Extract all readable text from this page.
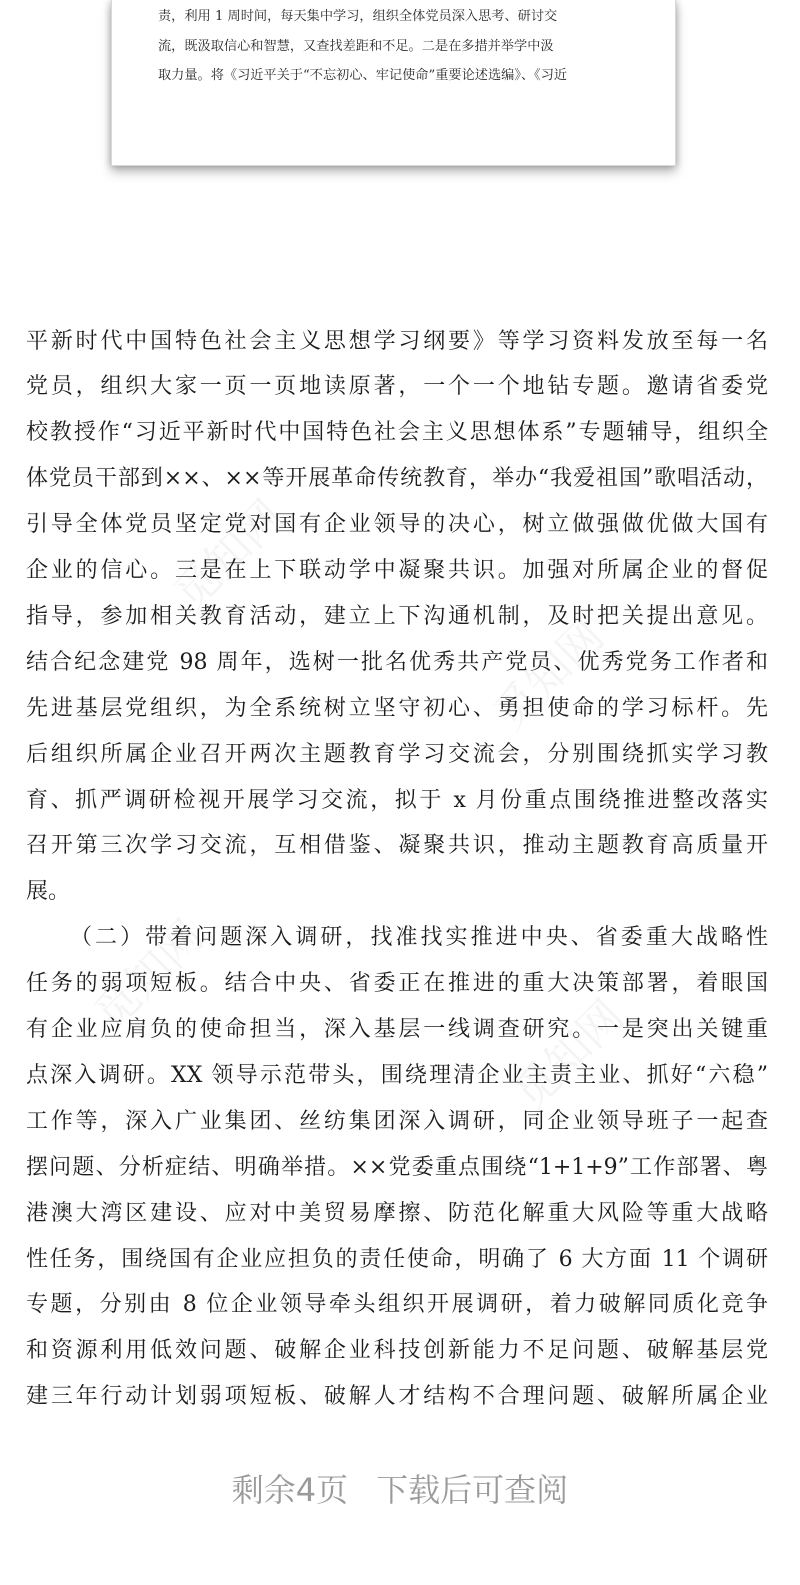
觅知网
觅知网
觅知网
觅知网
责，利用 1 周时间，每天集中学习，组织全体党员深入思考、研讨交
流，既汲取信心和智慧，又查找差距和不足。二是在多措并举学中汲
取力量。将《习近平关于“不忘初心、牢记使命”重要论述选编》、《习近
平新时代中国特色社会主义思想学习纲要》等学习资料发放至每一名
党员，组织大家一页一页地读原著，一个一个地钻专题。邀请省委党
校教授作“习近平新时代中国特色社会主义思想体系”专题辅导，组织全
体党员干部到××、××等开展革命传统教育，举办“我爱祖国”歌唱活动，
引导全体党员坚定党对国有企业领导的决心，树立做强做优做大国有
企业的信心。三是在上下联动学中凝聚共识。加强对所属企业的督促
指导，参加相关教育活动，建立上下沟通机制，及时把关提出意见。
结合纪念建党 98 周年，选树一批名优秀共产党员、优秀党务工作者和
先进基层党组织，为全系统树立坚守初心、勇担使命的学习标杆。先
后组织所属企业召开两次主题教育学习交流会，分别围绕抓实学习教
育、抓严调研检视开展学习交流，拟于 x 月份重点围绕推进整改落实
召开第三次学习交流，互相借鉴、凝聚共识，推动主题教育高质量开
展。
（二）带着问题深入调研，找准找实推进中央、省委重大战略性
任务的弱项短板。结合中央、省委正在推进的重大决策部署，着眼国
有企业应肩负的使命担当，深入基层一线调查研究。一是突出关键重
点深入调研。XX 领导示范带头，围绕理清企业主责主业、抓好“六稳”
工作等，深入广业集团、丝纺集团深入调研，同企业领导班子一起查
摆问题、分析症结、明确举措。××党委重点围绕“1+1+9”工作部署、粤
港澳大湾区建设、应对中美贸易摩擦、防范化解重大风险等重大战略
性任务，围绕国有企业应担负的责任使命，明确了 6 大方面 11 个调研
专题，分别由 8 位企业领导牵头组织开展调研，着力破解同质化竞争
和资源利用低效问题、破解企业科技创新能力不足问题、破解基层党
建三年行动计划弱项短板、破解人才结构不合理问题、破解所属企业
剩余4页 下载后可查阅
